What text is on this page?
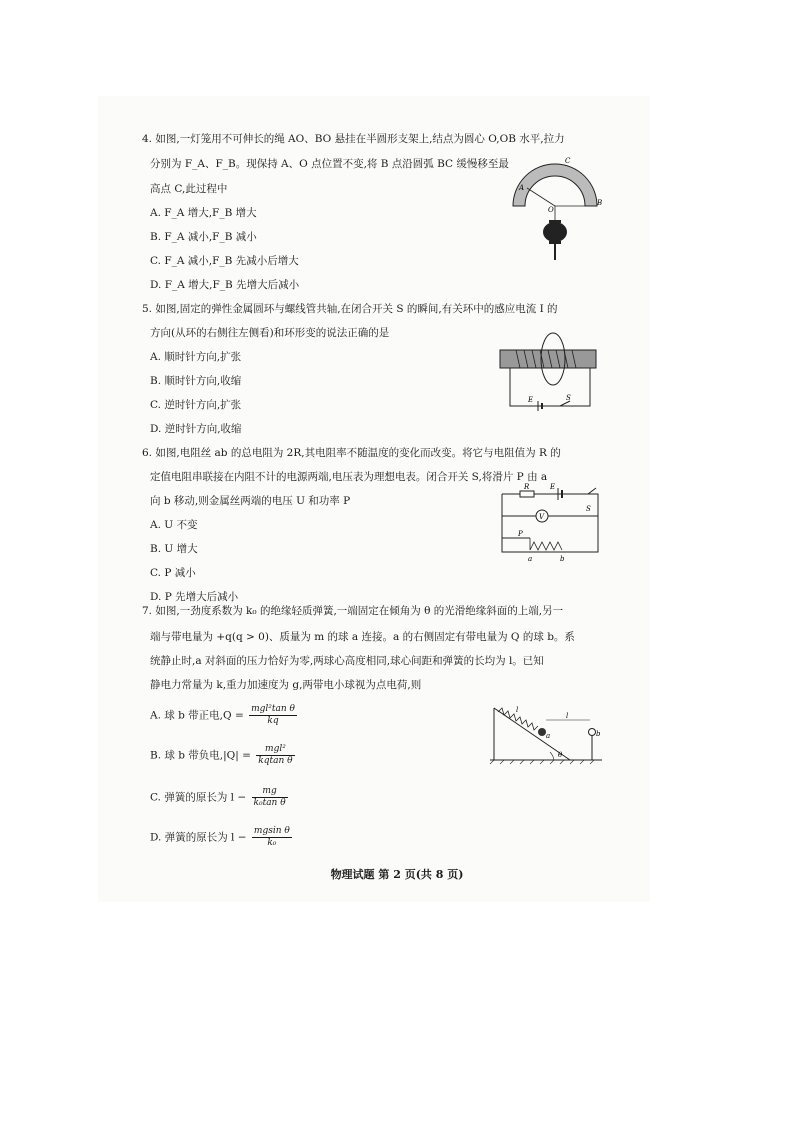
4. 如图,一灯笼用不可伸长的绳 AO、BO 悬挂在半圆形支架上,结点为圆心 O,OB 水平,拉力
分别为 F_A、F_B。现保持 A、O 点位置不变,将 B 点沿圆弧 BC 缓慢移至最
高点 C,此过程中
A. F_A 增大,F_B 增大
B. F_A 减小,F_B 减小
C. F_A 减小,F_B 先减小后增大
D. F_A 增大,F_B 先增大后减小
A
C
O
B
5. 如图,固定的弹性金属圆环与螺线管共轴,在闭合开关 S 的瞬间,有关环中的感应电流 I 的
方向(从环的右侧往左侧看)和环形变的说法正确的是
A. 顺时针方向,扩张
B. 顺时针方向,收缩
C. 逆时针方向,扩张
D. 逆时针方向,收缩
E	S
6. 如图,电阻丝 ab 的总电阻为 2R,其电阻率不随温度的变化而改变。将它与电阻值为 R 的
定值电阻串联接在内阻不计的电源两端,电压表为理想电表。闭合开关 S,将滑片 P 由 a
向 b 移动,则金属丝两端的电压 U 和功率 P
A. U 不变
B. U 增大
C. P 减小
D. P 先增大后减小
R	E
V
S
P
a	b
7. 如图,一劲度系数为 k₀ 的绝缘轻质弹簧,一端固定在倾角为 θ 的光滑绝缘斜面的上端,另一
端与带电量为 +q(q > 0)、质量为 m 的球 a 连接。a 的右侧固定有带电量为 Q 的球 b。系
统静止时,a 对斜面的压力恰好为零,两球心高度相同,球心间距和弹簧的长均为 l。已知
静电力常量为 k,重力加速度为 g,两带电小球视为点电荷,则
A. 球 b 带正电$,Q = \frac{\text{mgl²tan θ}}{kq}$
B. 球 b 带负电$,|Q| = \frac{\text{mgl²}}{\text{kqtan θ}}$
C. 弹簧的原长为 $l - \frac{mg}{\text{k₀tan θ}}$
D. 弹簧的原长为 $l - \frac{\text{mgsin θ}}{\text{k₀}}$
l
l
a	b
θ
物理试题 第 2 页(共 8 页)
